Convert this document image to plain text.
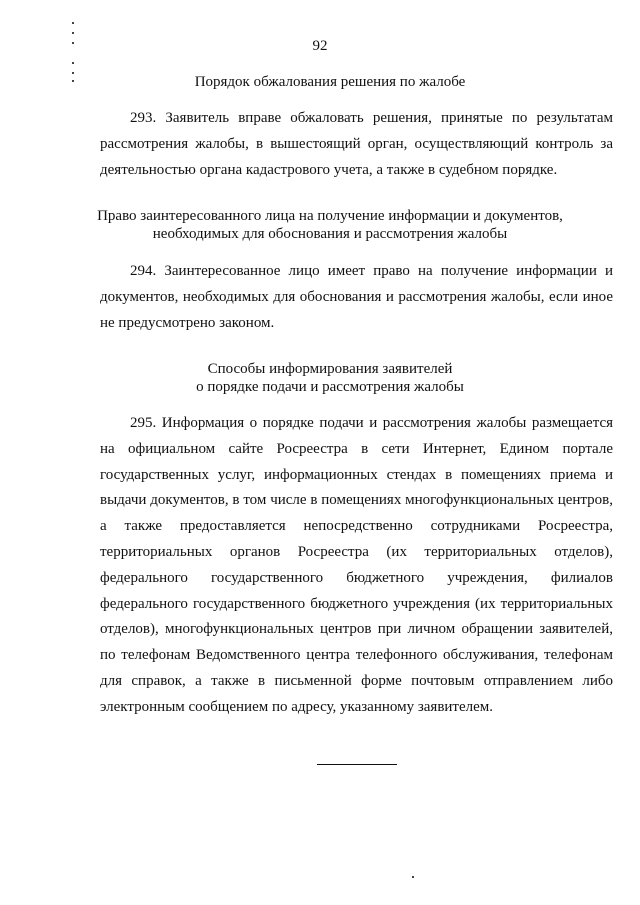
92
Порядок обжалования решения по жалобе
293. Заявитель вправе обжаловать решения, принятые по результатам
рассмотрения жалобы, в вышестоящий орган, осуществляющий контроль за
деятельностью органа кадастрового учета, а также в судебном порядке.
Право заинтересованного лица на получение информации и документов,
необходимых для обоснования и рассмотрения жалобы
294. Заинтересованное лицо имеет право на получение информации и
документов, необходимых для обоснования и рассмотрения жалобы, если иное
не предусмотрено законом.
Способы информирования заявителей
о порядке подачи и рассмотрения жалобы
295. Информация о порядке подачи и рассмотрения жалобы размещается
на официальном сайте Росреестра в сети Интернет, Едином портале
государственных услуг, информационных стендах в помещениях приема и
выдачи документов, в том числе в помещениях многофункциональных центров,
а также предоставляется непосредственно сотрудниками Росреестра,
территориальных органов Росреестра (их территориальных отделов),
федерального государственного бюджетного учреждения, филиалов
федерального государственного бюджетного учреждения (их территориальных
отделов), многофункциональных центров при личном обращении заявителей,
по телефонам Ведомственного центра телефонного обслуживания, телефонам
для справок, а также в письменной форме почтовым отправлением либо
электронным сообщением по адресу, указанному заявителем.
